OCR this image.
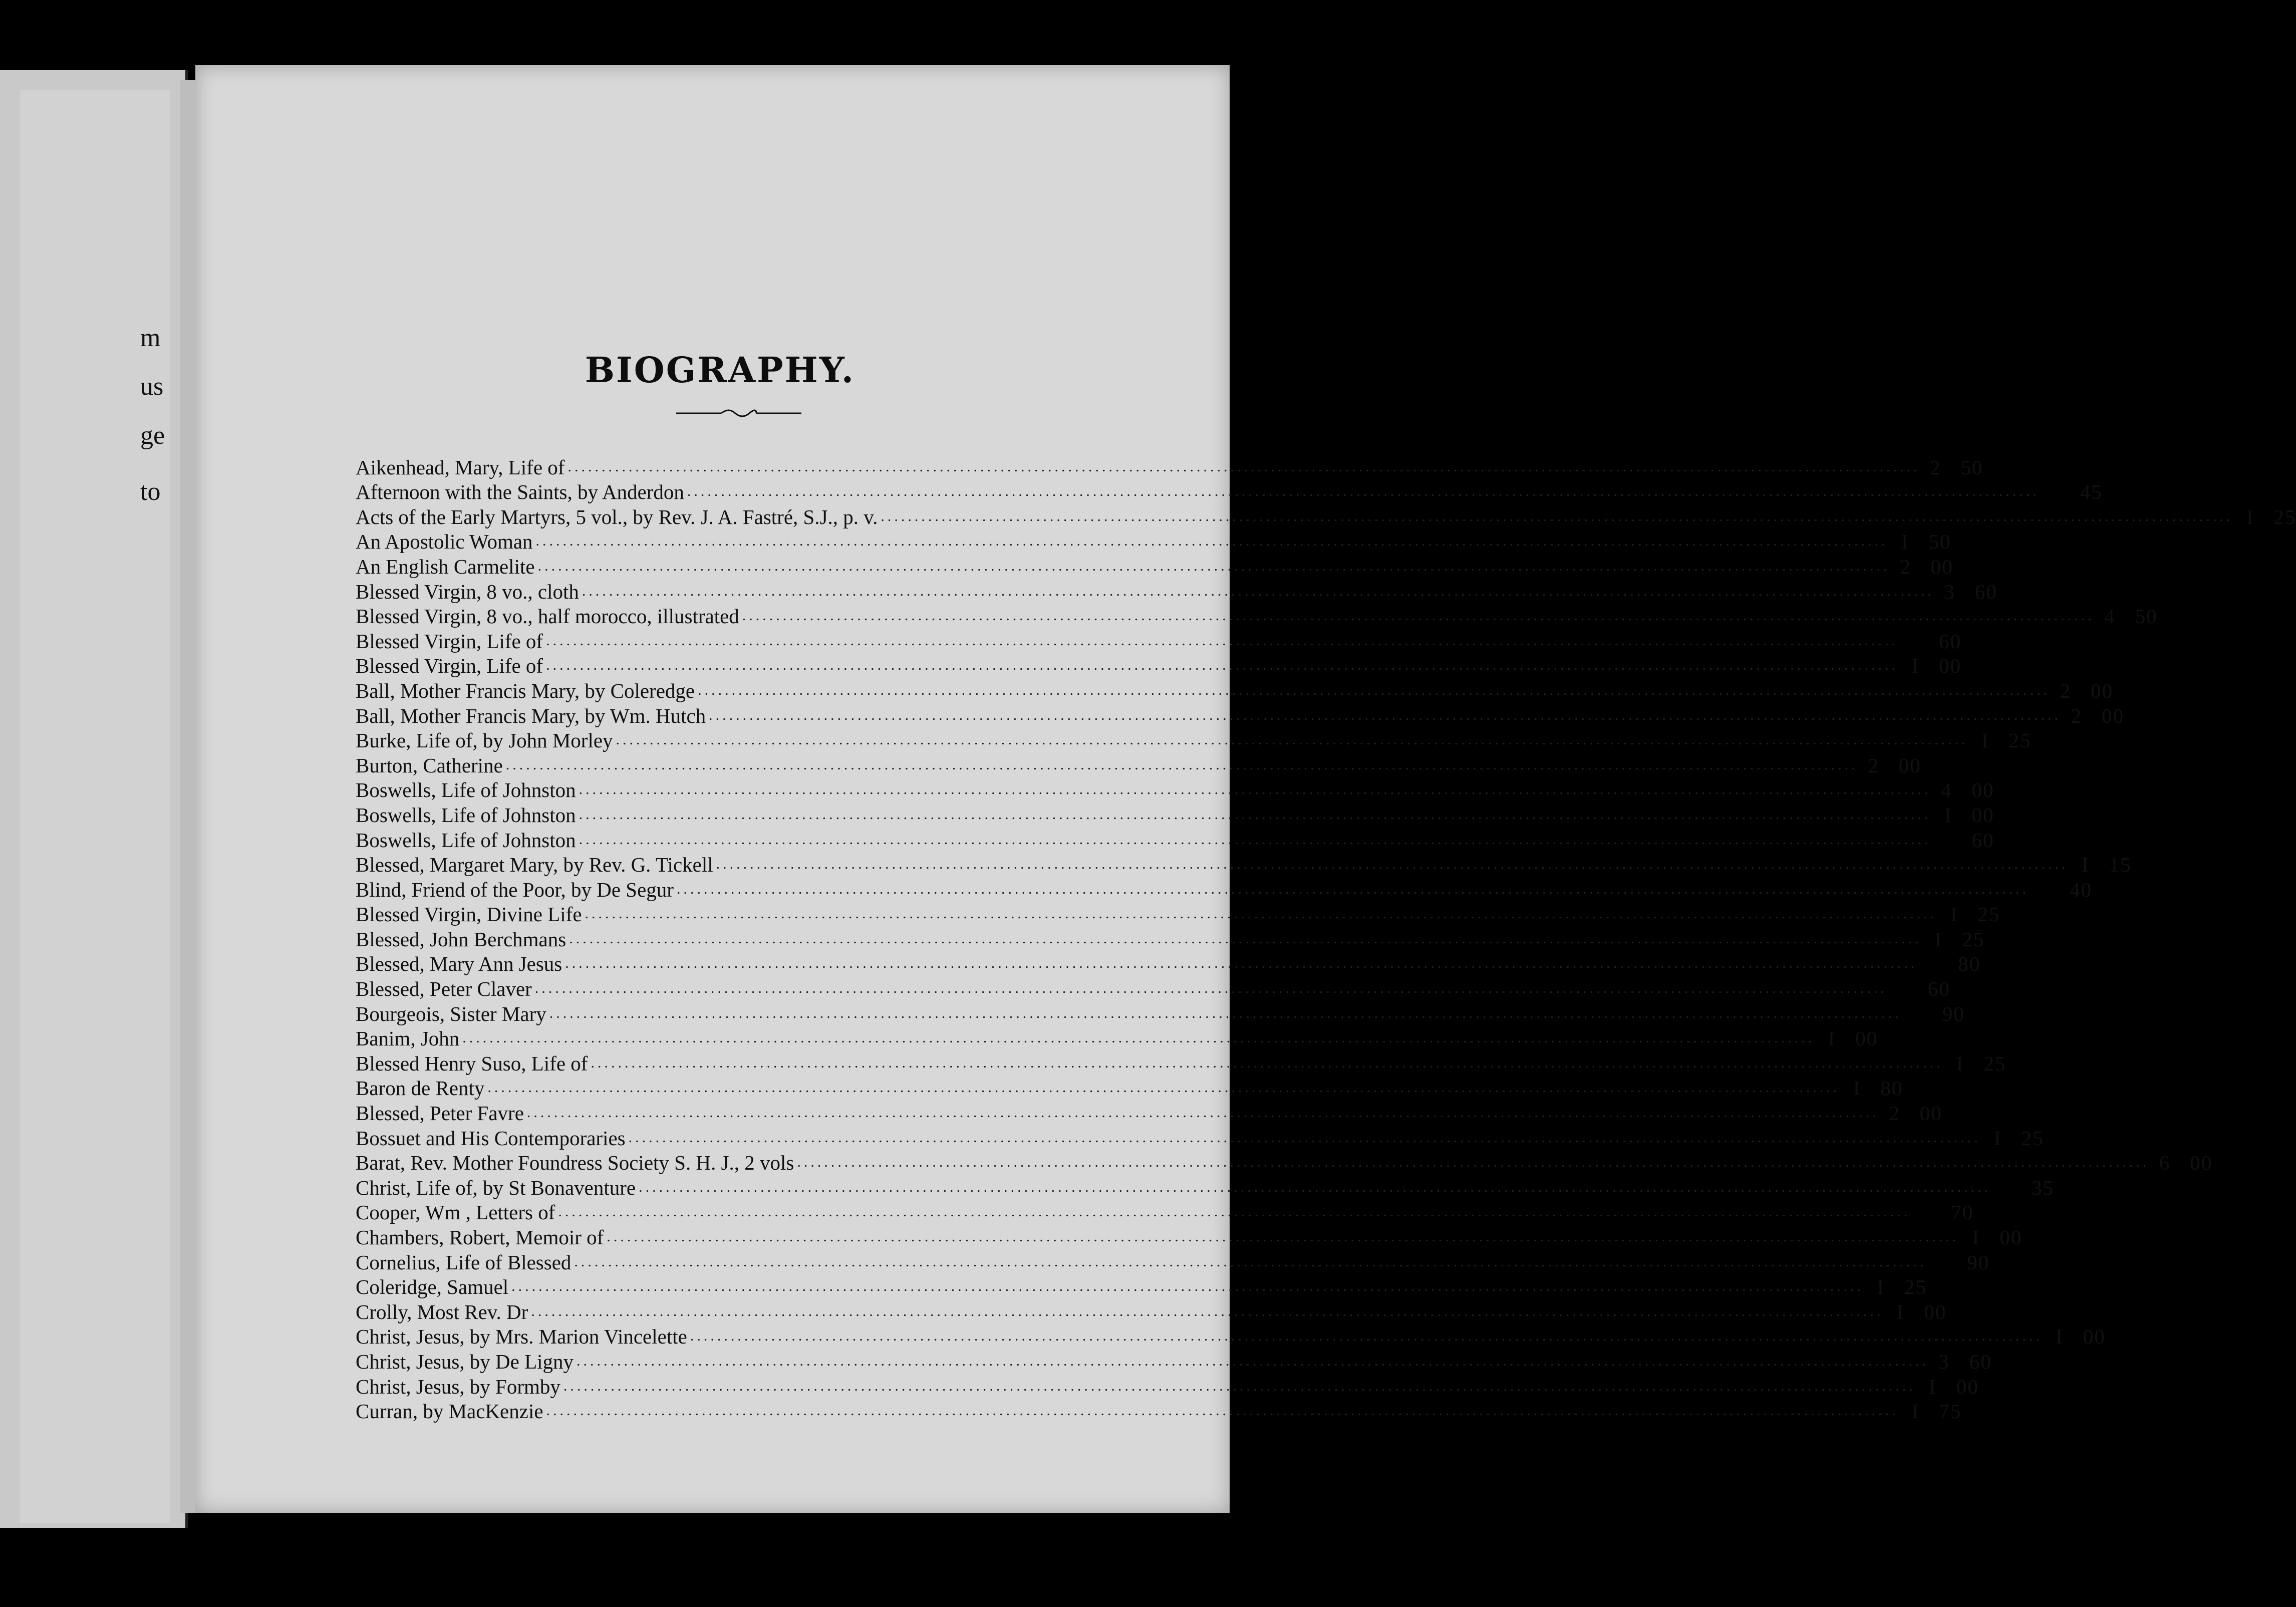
m
us
ge
to
BIOGRAPHY.
Aikenhead, Mary, Life of ........................................................................................................................................................................................................ 2	50
Afternoon with the Saints, by Anderdon ........................................................................................................................................................................................................	45
Acts of the Early Martyrs, 5 vol., by Rev. J. A. Fastré, S.J., p. v. ........................................................................................................................................................................................................ I	25
An Apostolic Woman ........................................................................................................................................................................................................ I	50
An English Carmelite ........................................................................................................................................................................................................ 2	00
Blessed Virgin, 8 vo., cloth ........................................................................................................................................................................................................ 3	60
Blessed Virgin, 8 vo., half morocco, illustrated ........................................................................................................................................................................................................ 4	50
Blessed Virgin, Life of ........................................................................................................................................................................................................	60
Blessed Virgin, Life of ........................................................................................................................................................................................................ I	00
Ball, Mother Francis Mary, by Coleredge ........................................................................................................................................................................................................ 2	00
Ball, Mother Francis Mary, by Wm. Hutch ........................................................................................................................................................................................................ 2	00
Burke, Life of, by John Morley ........................................................................................................................................................................................................ I	25
Burton, Catherine ........................................................................................................................................................................................................ 2	00
Boswells, Life of Johnston ........................................................................................................................................................................................................ 4	00
Boswells, Life of Johnston ........................................................................................................................................................................................................ I	00
Boswells, Life of Johnston ........................................................................................................................................................................................................	60
Blessed, Margaret Mary, by Rev. G. Tickell ........................................................................................................................................................................................................ I	15
Blind, Friend of the Poor, by De Segur ........................................................................................................................................................................................................	40
Blessed Virgin, Divine Life ........................................................................................................................................................................................................ I	25
Blessed, John Berchmans ........................................................................................................................................................................................................ I	25
Blessed, Mary Ann Jesus ........................................................................................................................................................................................................	80
Blessed, Peter Claver ........................................................................................................................................................................................................	60
Bourgeois, Sister Mary ........................................................................................................................................................................................................	90
Banim, John ........................................................................................................................................................................................................ I	00
Blessed Henry Suso, Life of ........................................................................................................................................................................................................ I	25
Baron de Renty ........................................................................................................................................................................................................ I	80
Blessed, Peter Favre ........................................................................................................................................................................................................ 2	00
Bossuet and His Contemporaries ........................................................................................................................................................................................................ I	25
Barat, Rev. Mother Foundress Society S. H. J., 2 vols ........................................................................................................................................................................................................ 6	00
Christ, Life of, by St Bonaventure ........................................................................................................................................................................................................	35
Cooper, Wm , Letters of ........................................................................................................................................................................................................	70
Chambers, Robert, Memoir of ........................................................................................................................................................................................................ I	00
Cornelius, Life of Blessed ........................................................................................................................................................................................................	90
Coleridge, Samuel ........................................................................................................................................................................................................ I	25
Crolly, Most Rev. Dr ........................................................................................................................................................................................................ I	00
Christ, Jesus, by Mrs. Marion Vincelette ........................................................................................................................................................................................................ I	00
Christ, Jesus, by De Ligny ........................................................................................................................................................................................................ 3	60
Christ, Jesus, by Formby ........................................................................................................................................................................................................ I	00
Curran, by MacKenzie ........................................................................................................................................................................................................ I	75
